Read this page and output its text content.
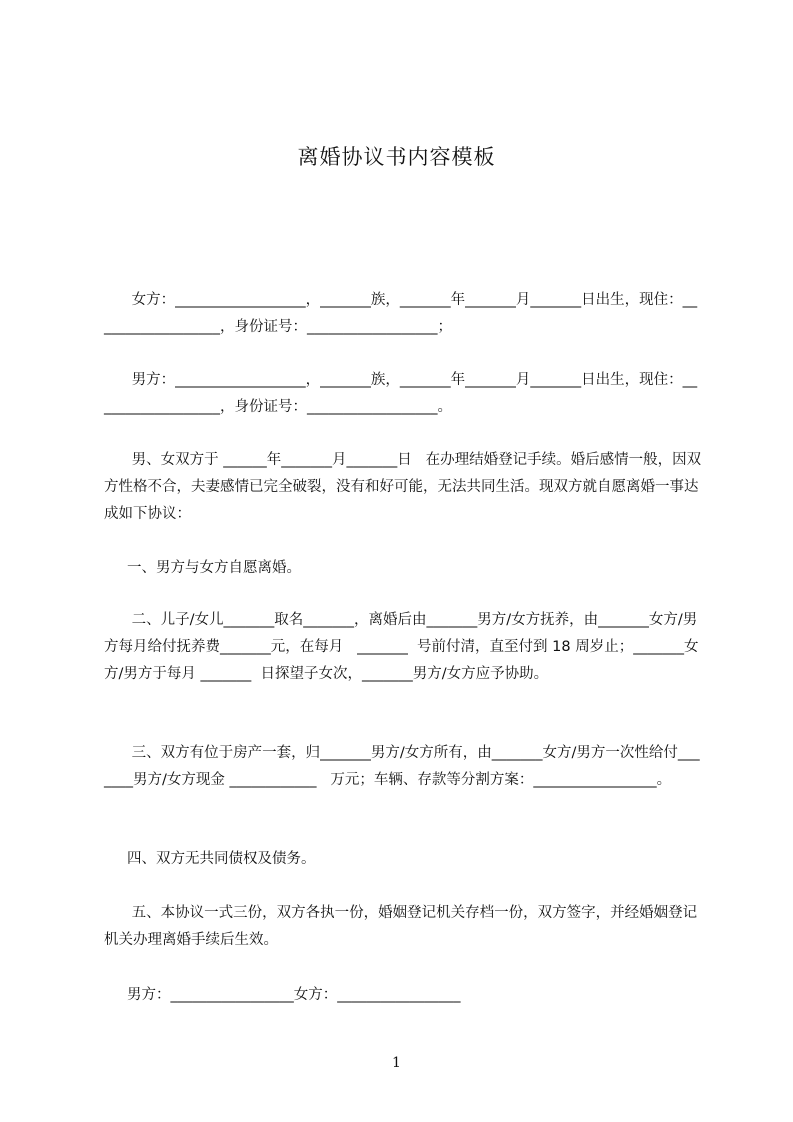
离婚协议书内容模板

女方：__________________，_______族，_______年_______月_______日出生，现住：__________________，身份证号：__________________；

男方：__________________，_______族，_______年_______月_______日出生，现住：__________________，身份证号：__________________。

男、女双方于 ______年_______月_______日   在办理结婚登记手续。婚后感情一般，因双方性格不合，夫妻感情已完全破裂，没有和好可能，无法共同生活。现双方就自愿离婚一事达成如下协议：

一、男方与女方自愿离婚。

二、儿子/女儿_______取名_______，离婚后由_______男方/女方抚养，由_______女方/男方每月给付抚养费_______元，在每月   _______  号前付清，直至付到 18 周岁止；_______女方/男方于每月 _______  日探望子女次，_______男方/女方应予协助。

三、双方有位于房产一套，归_______男方/女方所有，由_______女方/男方一次性给付_______男方/女方现金 ____________   万元；车辆、存款等分割方案：_________________。

四、双方无共同债权及债务。

五、本协议一式三份，双方各执一份，婚姻登记机关存档一份，双方签字，并经婚姻登记机关办理离婚手续后生效。

男方：_________________女方：_________________

1
